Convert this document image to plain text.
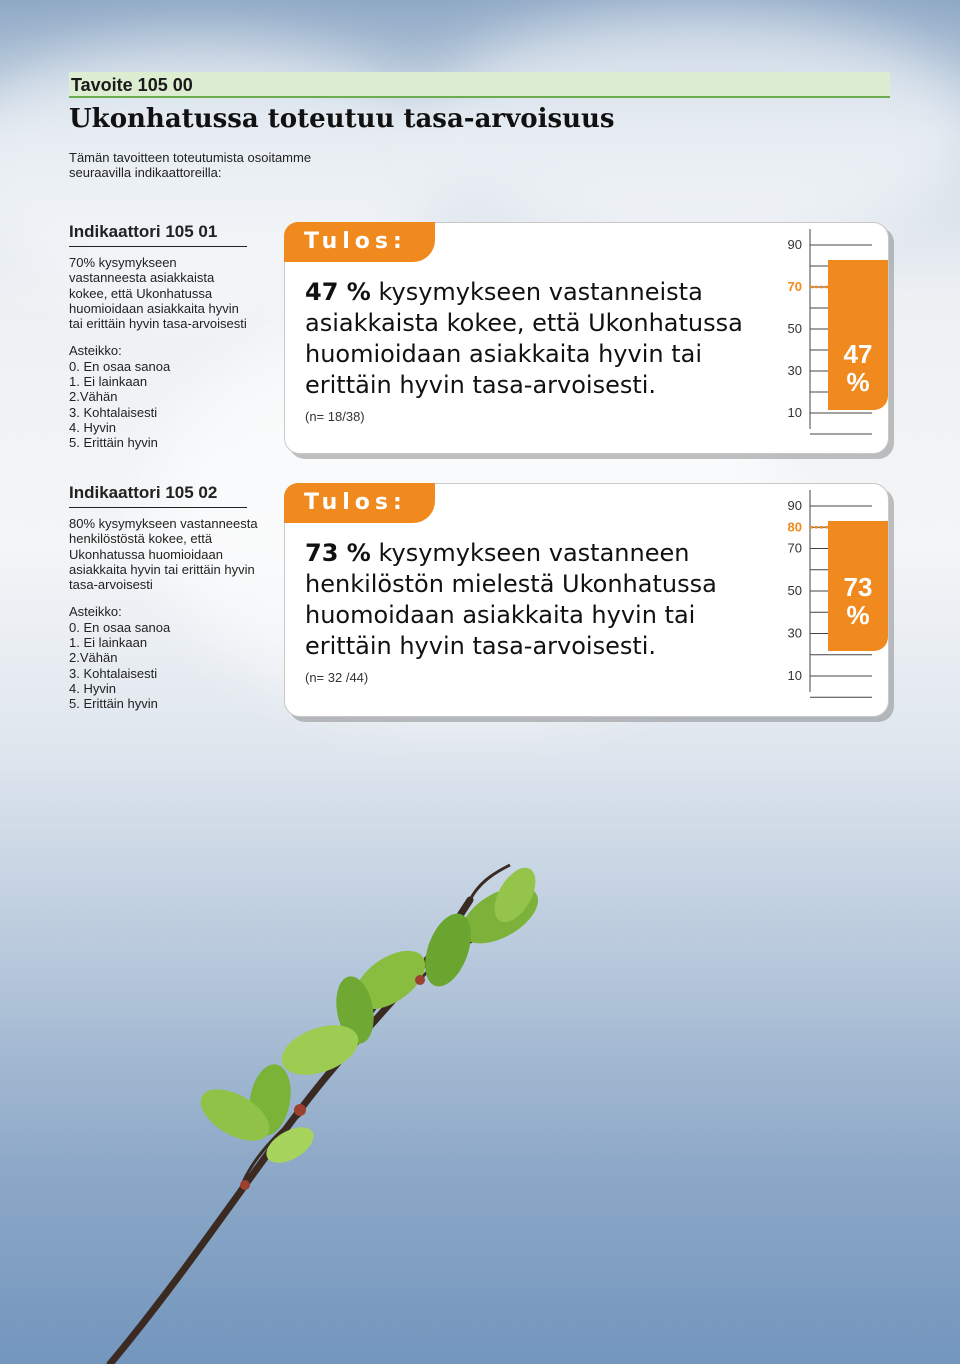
Tavoite 105 00
Ukonhatussa toteutuu tasa-arvoisuus
Tämän tavoitteen toteutumista osoitamme seuraavilla indikaattoreilla:
Indikaattori 105 01
70% kysymykseen vastanneesta asiakkaista kokee, että Ukonhatussa huomioidaan asiakkaita hyvin tai erittäin hyvin tasa-arvoisesti
Asteikko:
0. En osaa sanoa
1. Ei lainkaan
2.Vähän
3. Kohtalaisesti
4. Hyvin
5. Erittäin hyvin
Indikaattori 105 02
80% kysymykseen vastanneesta henkilöstöstä kokee, että Ukonhatussa huomioidaan asiakkaita hyvin tai erittäin hyvin tasa-arvoisesti
Asteikko:
0. En osaa sanoa
1. Ei lainkaan
2.Vähän
3. Kohtalaisesti
4. Hyvin
5. Erittäin hyvin
Tulos:
47 % kysymykseen vastanneista asiakkaista kokee, että Ukonhatussa huomioidaan asiakkaita hyvin tai erittäin hyvin tasa-arvoisesti.
(n= 18/38)
90
70
50
30
10
47
%
Tulos:
73 % kysymykseen vastanneen henkilöstön mielestä Ukonhatussa huomoidaan asiakkaita hyvin tai erittäin hyvin tasa-arvoisesti.
(n= 32 /44)
90
80
70
50
30
10
73
%
